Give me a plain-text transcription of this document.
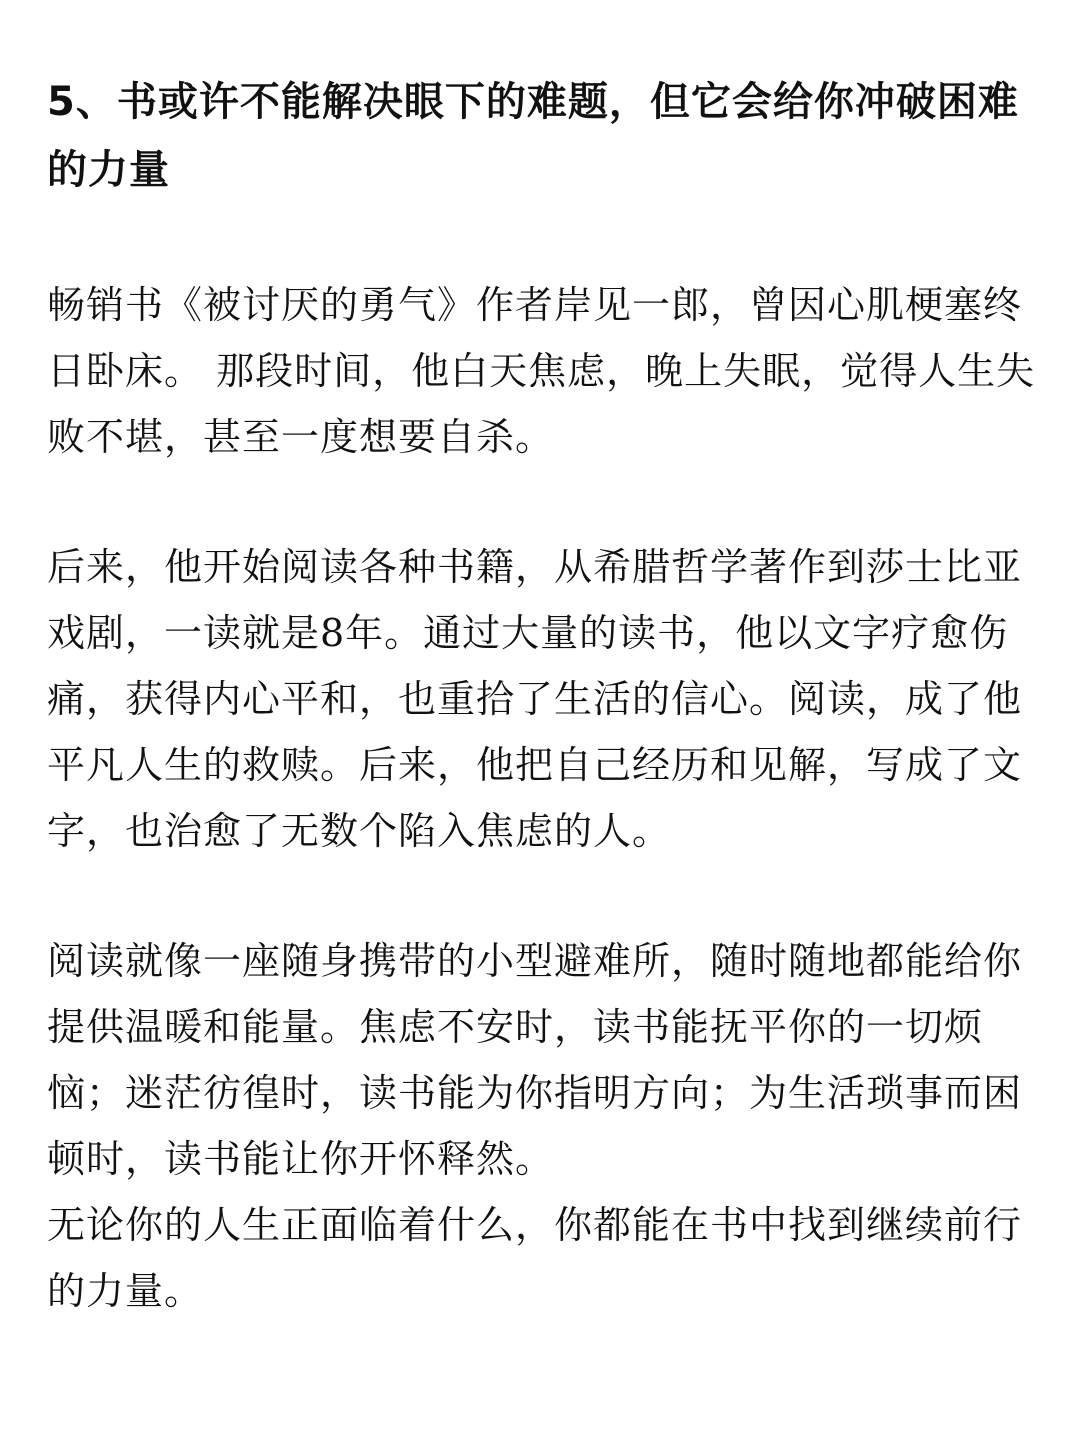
5、书或许不能解决眼下的难题，但它会给你冲破困难的力量

畅销书《被讨厌的勇气》作者岸见一郎，曾因心肌梗塞终日卧床。 那段时间，他白天焦虑，晚上失眠，觉得人生失败不堪，甚至一度想要自杀。

后来，他开始阅读各种书籍，从希腊哲学著作到莎士比亚戏剧，一读就是8年。通过大量的读书，他以文字疗愈伤痛，获得内心平和，也重拾了生活的信心。阅读，成了他平凡人生的救赎。后来，他把自己经历和见解，写成了文字，也治愈了无数个陷入焦虑的人。

阅读就像一座随身携带的小型避难所，随时随地都能给你提供温暖和能量。焦虑不安时，读书能抚平你的一切烦恼；迷茫彷徨时，读书能为你指明方向；为生活琐事而困顿时，读书能让你开怀释然。

无论你的人生正面临着什么，你都能在书中找到继续前行的力量。
